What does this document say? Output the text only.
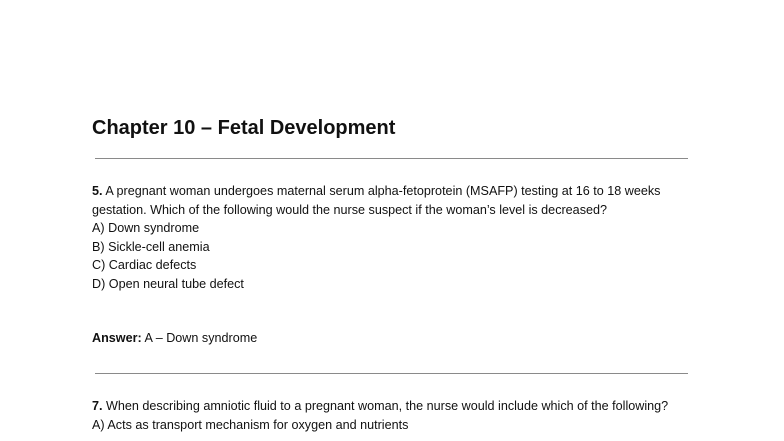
Chapter 10 – Fetal Development

5. A pregnant woman undergoes maternal serum alpha-fetoprotein (MSAFP) testing at 16 to 18 weeks gestation. Which of the following would the nurse suspect if the woman’s level is decreased?

A) Down syndrome
B) Sickle-cell anemia
C) Cardiac defects
D) Open neural tube defect
Answer: A – Down syndrome

7. When describing amniotic fluid to a pregnant woman, the nurse would include which of the following?

A) Acts as transport mechanism for oxygen and nutrients
